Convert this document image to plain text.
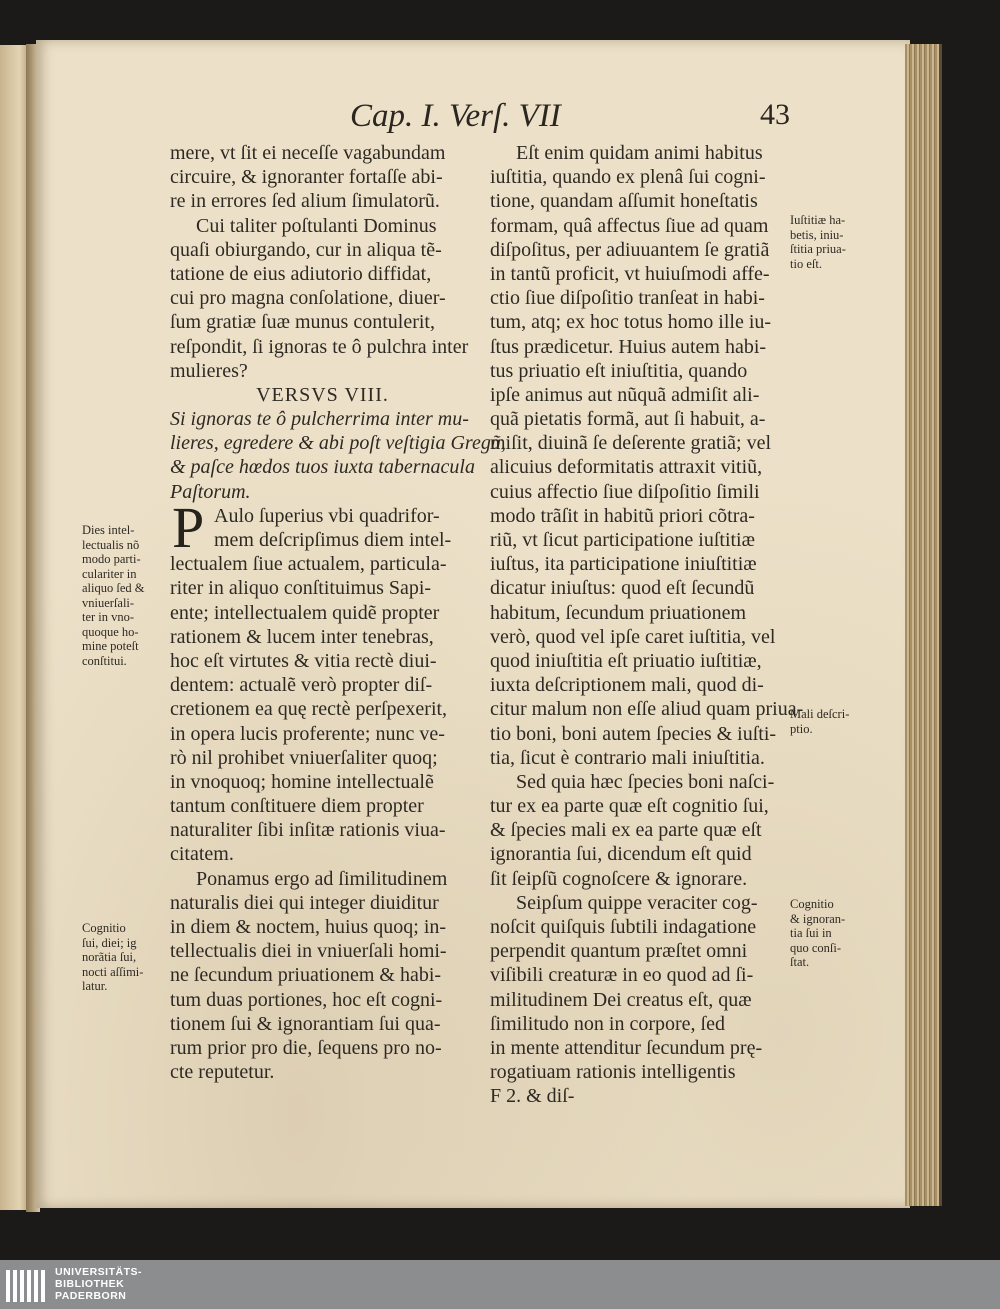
Cap. I. Verſ. VII	43
mere, vt ſit ei neceſſe vagabundam
circuire, & ignoranter fortaſſe abi-
re in errores ſed alium ſimulatorũ.
Cui taliter poſtulanti Dominus
quaſi obiurgando, cur in aliqua tẽ-
tatione de eius adiutorio diffidat,
cui pro magna conſolatione, diuer-
ſum gratiæ ſuæ munus contulerit,
reſpondit, ſi ignoras te ô pulchra inter
mulieres?
VERSVS VIII.
Si ignoras te ô pulcherrima inter mu-
lieres, egredere & abi poſt veſtigia Gregũ,
& paſce hœdos tuos iuxta tabernacula
Paſtorum.
Aulo ſuperius vbi quadrifor-
mem deſcripſimus diem intel-
lectualem ſiue actualem, particula-
riter in aliquo conſtituimus Sapi-
ente; intellectualem quidẽ propter
rationem & lucem inter tenebras,
hoc eſt virtutes & vitia rectè diui-
dentem: actualẽ verò propter diſ-
cretionem ea quę rectè perſpexerit,
in opera lucis proferente; nunc ve-
rò nil prohibet vniuerſaliter quoq;
in vnoquoq; homine intellectualẽ
tantum conſtituere diem propter
naturaliter ſibi inſitæ rationis viua-
citatem.
Ponamus ergo ad ſimilitudinem
naturalis diei qui integer diuiditur
in diem & noctem, huius quoq; in-
tellectualis diei in vniuerſali homi-
ne ſecundum priuationem & habi-
tum duas portiones, hoc eſt cogni-
tionem ſui & ignorantiam ſui qua-
rum prior pro die, ſequens pro no-
cte reputetur.
P
Eſt enim quidam animi habitus
iuſtitia, quando ex plenâ ſui cogni-
tione, quandam aſſumit honeſtatis
formam, quâ affectus ſiue ad quam
diſpoſitus, per adiuuantem ſe gratiã
in tantũ proficit, vt huiuſmodi affe-
ctio ſiue diſpoſitio tranſeat in habi-
tum, atq; ex hoc totus homo ille iu-
ſtus prædicetur. Huius autem habi-
tus priuatio eſt iniuſtitia, quando
ipſe animus aut nũquã admiſit ali-
quã pietatis formã, aut ſi habuit, a-
miſit, diuinã ſe deſerente gratiã; vel
alicuius deformitatis attraxit vitiũ,
cuius affectio ſiue diſpoſitio ſimili
modo trãſit in habitũ priori cõtra-
riũ, vt ſicut participatione iuſtitiæ
iuſtus, ita participatione iniuſtitiæ
dicatur iniuſtus: quod eſt ſecundũ
habitum, ſecundum priuationem
verò, quod vel ipſe caret iuſtitia, vel
quod iniuſtitia eſt priuatio iuſtitiæ,
iuxta deſcriptionem mali, quod di-
citur malum non eſſe aliud quam priua-
tio boni, boni autem ſpecies & iuſti-
tia, ſicut è contrario mali iniuſtitia.
Sed quia hæc ſpecies boni naſci-
tur ex ea parte quæ eſt cognitio ſui,
& ſpecies mali ex ea parte quæ eſt
ignorantia ſui, dicendum eſt quid
ſit ſeipſũ cognoſcere & ignorare.
Seipſum quippe veraciter cog-
noſcit quiſquis ſubtili indagatione
perpendit quantum præſtet omni
viſibili creaturæ in eo quod ad ſi-
militudinem Dei creatus eſt, quæ
ſimilitudo non in corpore, ſed
in mente attenditur ſecundum prę-
rogatiuam rationis intelligentis
F 2. & diſ-
Dies intel-
lectualis nõ
modo parti-
culariter in
aliquo ſed &
vniuerſali-
ter in vno-
quoque ho-
mine poteſt
conſtitui.
Cognitio
ſui, diei; ig
norãtia ſui,
nocti aſſimi-
latur.
Iuſtitiæ ha-
betis, iniu-
ſtitia priua-
tio eſt.
Mali deſcri-
ptio.
Cognitio
& ignoran-
tia ſui in
quo conſi-
ſtat.
UNIVERSITÄTS-
BIBLIOTHEK
PADERBORN
